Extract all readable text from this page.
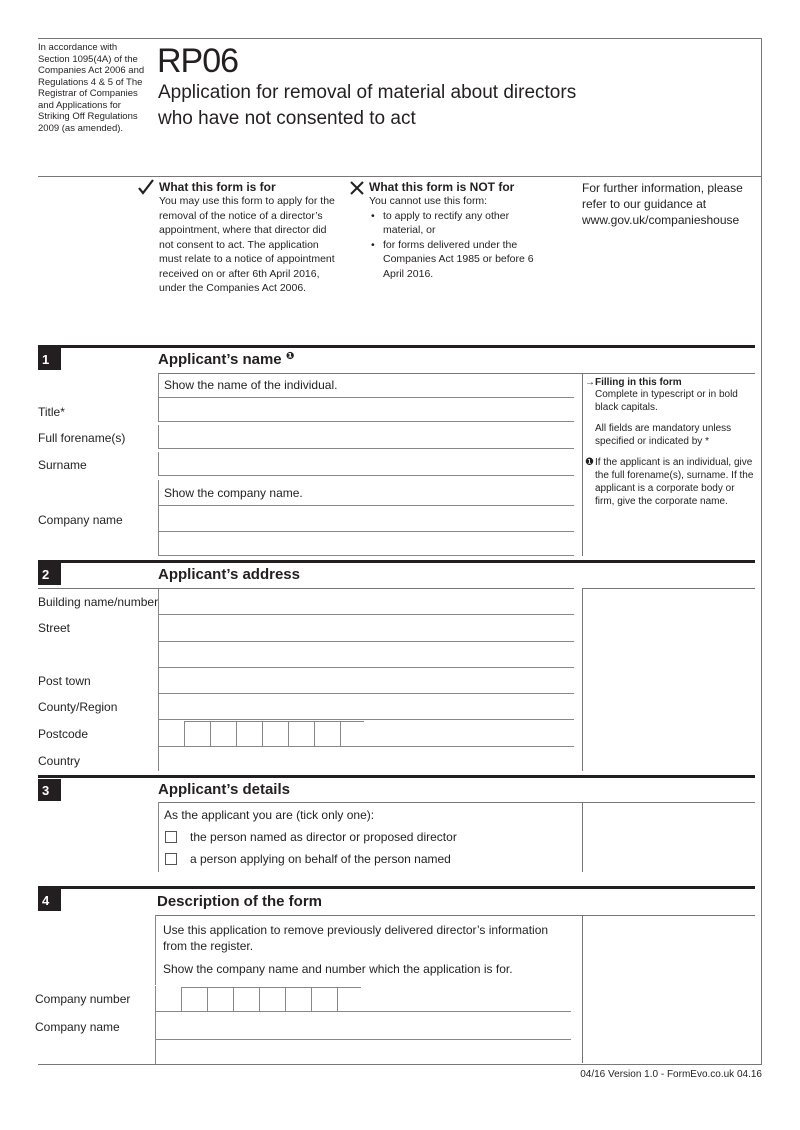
In accordance with Section 1095(4A) of the Companies Act 2006 and Regulations 4 & 5 of The Registrar of Companies and Applications for Striking Off Regulations 2009 (as amended).
RP06
Application for removal of material about directors who have not consented to act
What this form is for
You may use this form to apply for the removal of the notice of a director’s appointment, where that director did not consent to act. The application must relate to a notice of appointment received on or after 6th April 2016, under the Companies Act 2006.
What this form is NOT for
You cannot use this form:
• to apply to rectify any other material, or
• for forms delivered under the Companies Act 1985 or before 6 April 2016.
For further information, please refer to our guidance at www.gov.uk/companieshouse
1	Applicant’s name $^❶$
Show the name of the individual.
Title*
Full forename(s)
Surname
Show the company name.
Company name
→ Filling in this form
Complete in typescript or in bold black capitals.
All fields are mandatory unless specified or indicated by *
❶ If the applicant is an individual, give the full forename(s), surname. If the applicant is a corporate body or firm, give the corporate name.
2	Applicant’s address
Building name/number
Street
Post town
County/Region
Postcode
Country
3	Applicant’s details
As the applicant you are (tick only one):
the person named as director or proposed director
a person applying on behalf of the person named
4	Description of the form
Use this application to remove previously delivered director’s information from the register.
Show the company name and number which the application is for.
Company number
Company name
04/16 Version 1.0 - FormEvo.co.uk 04.16
